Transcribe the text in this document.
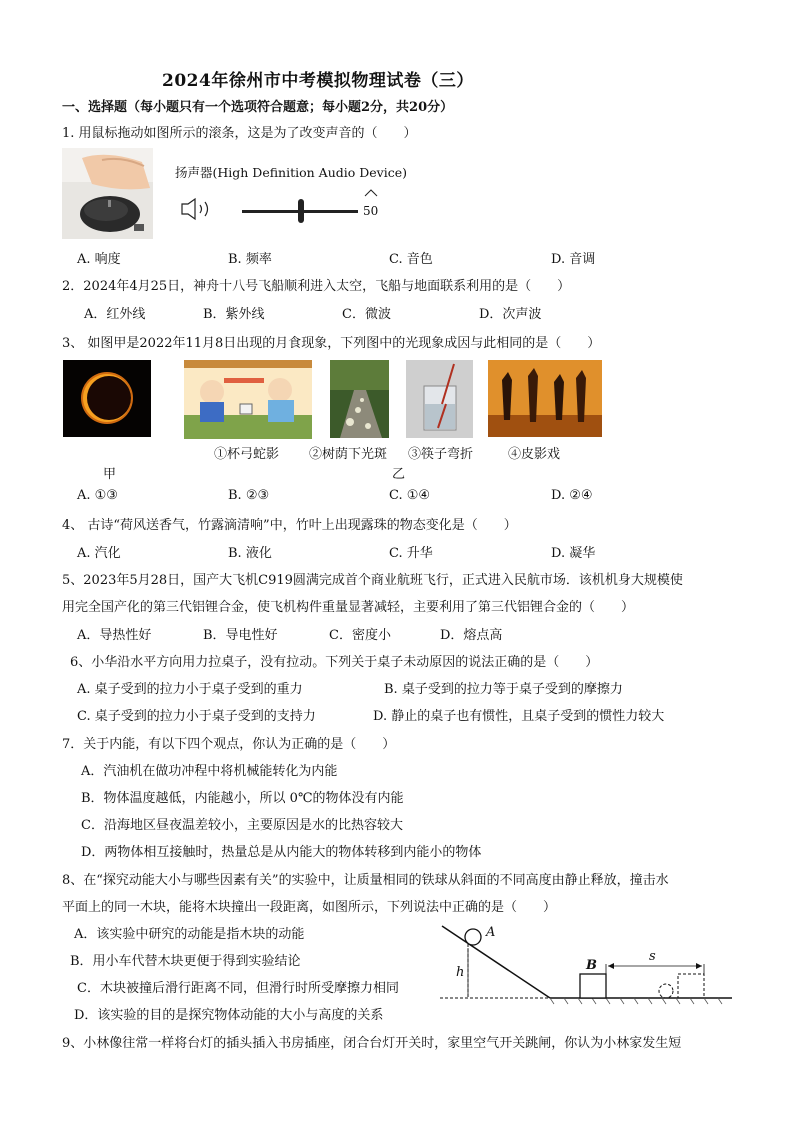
2024年徐州市中考模拟物理试卷（三）
一、选择题（每小题只有一个选项符合题意；每小题2分，共20分）
1. 用鼠标拖动如图所示的滚条，这是为了改变声音的（　　）
扬声器(High Definition Audio Device)
50
A. 响度	B. 频率	C. 音色	D. 音调
2．2024年4月25日，神舟十八号飞船顺利进入太空，飞船与地面联系利用的是（　　）
A．红外线	B．紫外线	C．微波	D．次声波
3、 如图甲是2022年11月8日出现的月食现象，下列图中的光现象成因与此相同的是（　　）
①杯弓蛇影 ②树荫下光斑 ③筷子弯折	④皮影戏
甲	乙
A. ①③	B. ②③	C. ①④	D. ②④
4、 古诗“荷风送香气，竹露滴清响”中，竹叶上出现露珠的物态变化是（　　）
A. 汽化	B. 液化	C. 升华	D. 凝华
5、2023年5月28日，国产大飞机C919圆满完成首个商业航班飞行，正式进入民航市场．该机机身大规模使
用完全国产化的第三代铝锂合金，使飞机构件重量显著减轻，主要利用了第三代铝锂合金的（　　）
A．导热性好	B．导电性好	C．密度小	D．熔点高
6、小华沿水平方向用力拉桌子，没有拉动。下列关于桌子未动原因的说法正确的是（　　）
A. 桌子受到的拉力小于桌子受到的重力	B. 桌子受到的拉力等于桌子受到的摩擦力
C. 桌子受到的拉力小于桌子受到的支持力	D. 静止的桌子也有惯性，且桌子受到的惯性力较大
7．关于内能，有以下四个观点，你认为正确的是（　　）
A．汽油机在做功冲程中将机械能转化为内能
B．物体温度越低，内能越小，所以 0℃的物体没有内能
C．沿海地区昼夜温差较小，主要原因是水的比热容较大
D．两物体相互接触时，热量总是从内能大的物体转移到内能小的物体
8、在“探究动能大小与哪些因素有关”的实验中，让质量相同的铁球从斜面的不同高度由静止释放，撞击水
平面上的同一木块，能将木块撞出一段距离，如图所示，下列说法中正确的是（　　）
A．该实验中研究的动能是指木块的动能
B．用小车代替木块更便于得到实验结论
C．木块被撞后滑行距离不同，但滑行时所受摩擦力相同
D．该实验的目的是探究物体动能的大小与高度的关系
A
h	B
s
9、小林像往常一样将台灯的插头插入书房插座，闭合台灯开关时，家里空气开关跳闸，你认为小林家发生短
